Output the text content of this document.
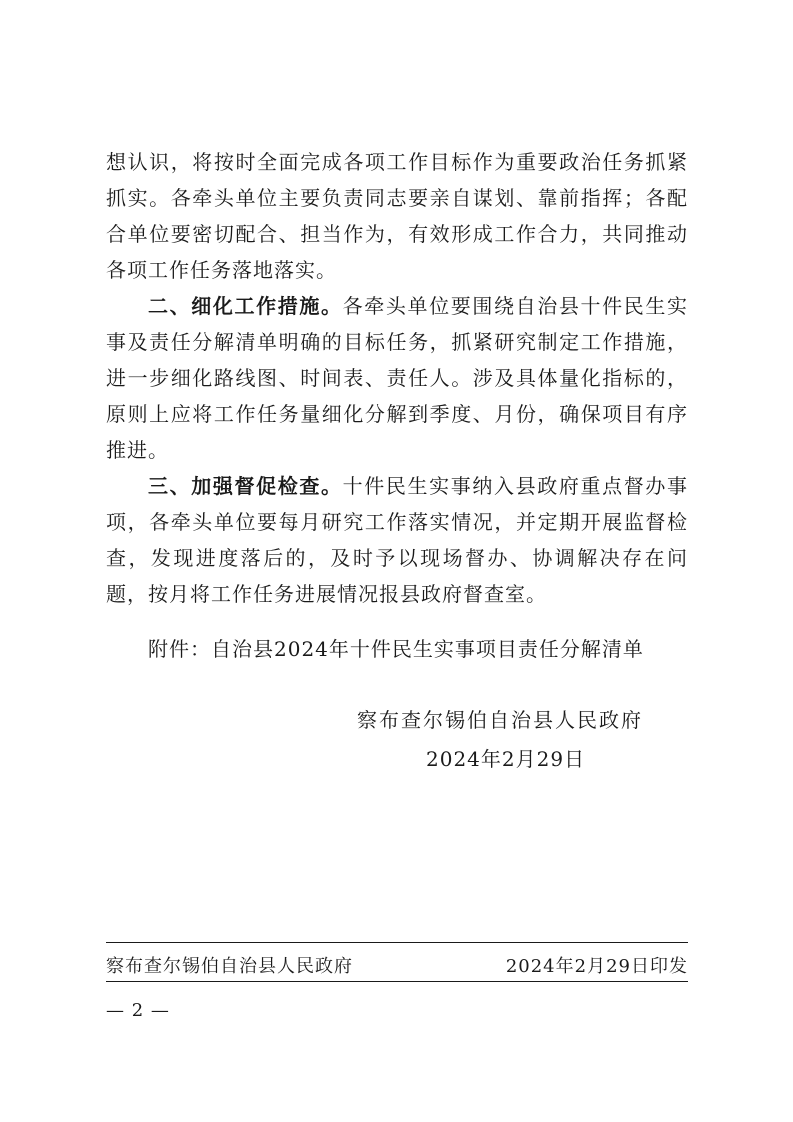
想认识，将按时全面完成各项工作目标作为重要政治任务抓紧抓实。各牵头单位主要负责同志要亲自谋划、靠前指挥；各配合单位要密切配合、担当作为，有效形成工作合力，共同推动各项工作任务落地落实。

二、细化工作措施。各牵头单位要围绕自治县十件民生实事及责任分解清单明确的目标任务，抓紧研究制定工作措施，进一步细化路线图、时间表、责任人。涉及具体量化指标的，原则上应将工作任务量细化分解到季度、月份，确保项目有序推进。

三、加强督促检查。十件民生实事纳入县政府重点督办事项，各牵头单位要每月研究工作落实情况，并定期开展监督检查，发现进度落后的，及时予以现场督办、协调解决存在问题，按月将工作任务进展情况报县政府督查室。

附件：自治县2024年十件民生实事项目责任分解清单
察布查尔锡伯自治县人民政府
2024年2月29日
察布查尔锡伯自治县人民政府	2024年2月29日印发
— 2 —
